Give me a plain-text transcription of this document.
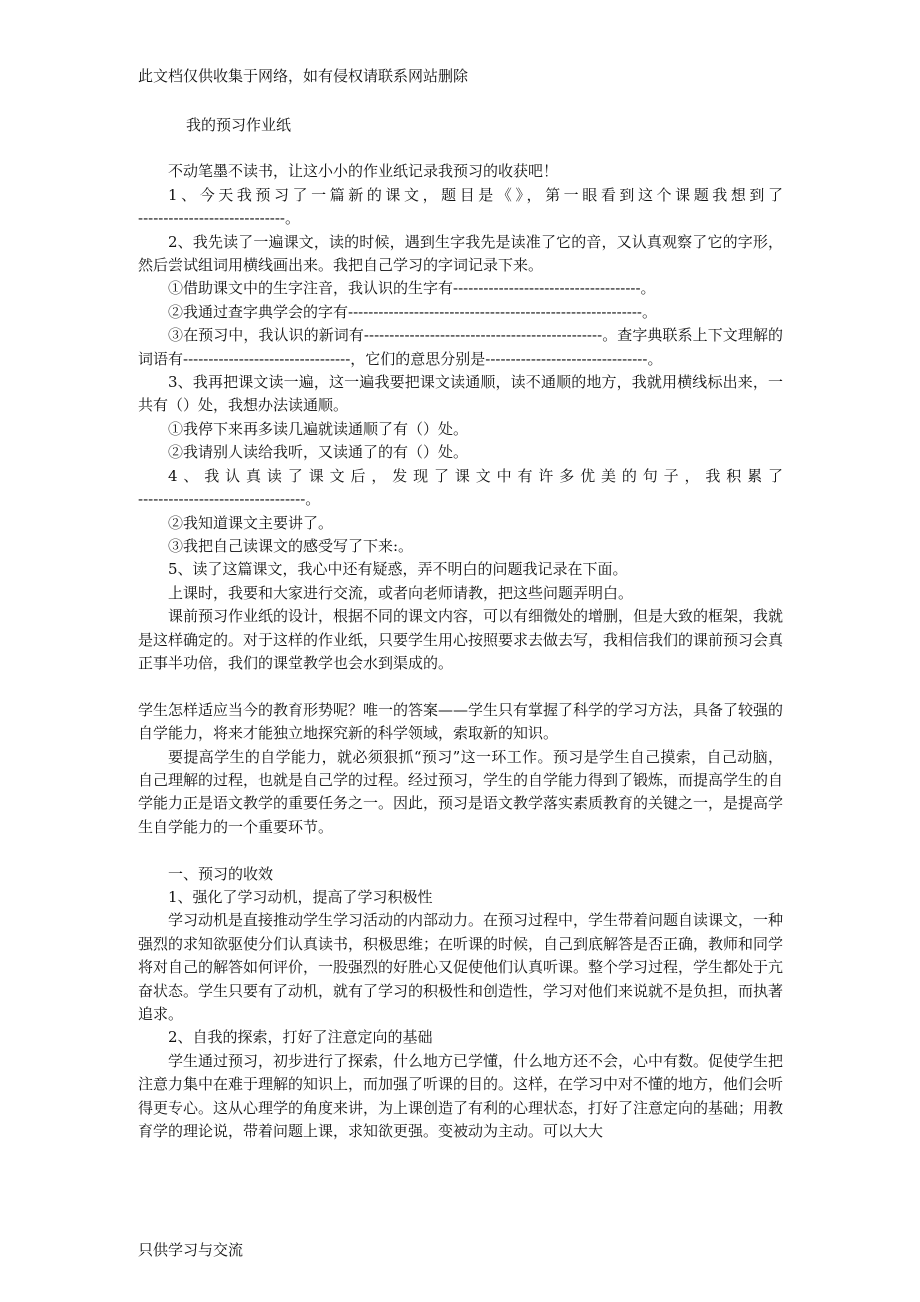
此文档仅供收集于网络，如有侵权请联系网站删除

我的预习作业纸

不动笔墨不读书，让这小小的作业纸记录我预习的收获吧！

1、今天我预习了一篇新的课文，题目是《》，第一眼看到这个课题我想到了

-----------------------------。

2、我先读了一遍课文，读的时候，遇到生字我先是读准了它的音，又认真观察了它的字形，然后尝试组词用横线画出来。我把自己学习的字词记录下来。

①借助课文中的生字注音，我认识的生字有-------------------------------------。

②我通过查字典学会的字有----------------------------------------------------------。

③在预习中，我认识的新词有-----------------------------------------------。查字典联系上下文理解的词语有---------------------------------，它们的意思分别是--------------------------------。

3、我再把课文读一遍，这一遍我要把课文读通顺，读不通顺的地方，我就用横线标出来，一共有（）处，我想办法读通顺。

①我停下来再多读几遍就读通顺了有（）处。

②我请别人读给我听，又读通了的有（）处。

4、我认真读了课文后，发现了课文中有许多优美的句子，我积累了

---------------------------------。

②我知道课文主要讲了。

③我把自己读课文的感受写了下来:。

5、读了这篇课文，我心中还有疑惑，弄不明白的问题我记录在下面。

上课时，我要和大家进行交流，或者向老师请教，把这些问题弄明白。

课前预习作业纸的设计，根据不同的课文内容，可以有细微处的增删，但是大致的框架，我就是这样确定的。对于这样的作业纸，只要学生用心按照要求去做去写，我相信我们的课前预习会真正事半功倍，我们的课堂教学也会水到渠成的。

学生怎样适应当今的教育形势呢？唯一的答案——学生只有掌握了科学的学习方法，具备了较强的自学能力，将来才能独立地探究新的科学领域，索取新的知识。

要提高学生的自学能力，就必须狠抓“预习”这一环工作。预习是学生自己摸索，自己动脑，自己理解的过程，也就是自己学的过程。经过预习，学生的自学能力得到了锻炼，而提高学生的自学能力正是语文教学的重要任务之一。因此，预习是语文教学落实素质教育的关键之一，是提高学生自学能力的一个重要环节。

一、预习的收效

1、强化了学习动机，提高了学习积极性

学习动机是直接推动学生学习活动的内部动力。在预习过程中，学生带着问题自读课文，一种强烈的求知欲驱使分们认真读书，积极思维；在听课的时候，自己到底解答是否正确，教师和同学将对自己的解答如何评价，一股强烈的好胜心又促使他们认真听课。整个学习过程，学生都处于亢奋状态。学生只要有了动机，就有了学习的积极性和创造性，学习对他们来说就不是负担，而执著追求。

2、自我的探索，打好了注意定向的基础

学生通过预习，初步进行了探索，什么地方已学懂，什么地方还不会，心中有数。促使学生把注意力集中在难于理解的知识上，而加强了听课的目的。这样，在学习中对不懂的地方，他们会听得更专心。这从心理学的角度来讲，为上课创造了有利的心理状态，打好了注意定向的基础；用教育学的理论说，带着问题上课，求知欲更强。变被动为主动。可以大大

只供学习与交流
